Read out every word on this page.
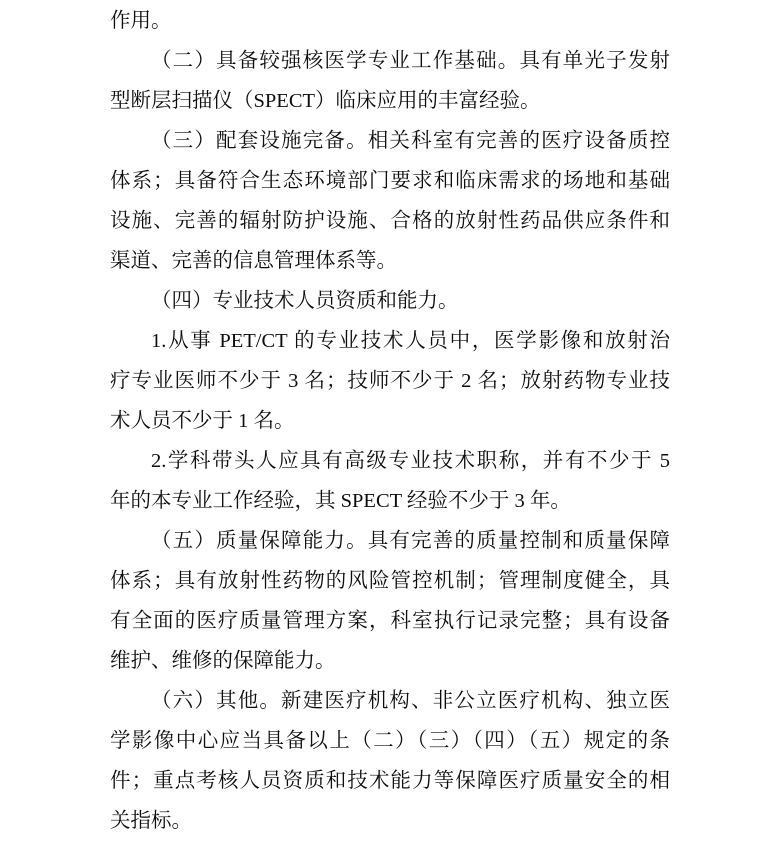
作用。
（二）具备较强核医学专业工作基础。具有单光子发射
型断层扫描仪（SPECT）临床应用的丰富经验。
（三）配套设施完备。相关科室有完善的医疗设备质控
体系；具备符合生态环境部门要求和临床需求的场地和基础
设施、完善的辐射防护设施、合格的放射性药品供应条件和
渠道、完善的信息管理体系等。
（四）专业技术人员资质和能力。
1.从事 PET/CT 的专业技术人员中，医学影像和放射治
疗专业医师不少于 3 名；技师不少于 2 名；放射药物专业技
术人员不少于 1 名。
2.学科带头人应具有高级专业技术职称，并有不少于 5
年的本专业工作经验，其 SPECT 经验不少于 3 年。
（五）质量保障能力。具有完善的质量控制和质量保障
体系；具有放射性药物的风险管控机制；管理制度健全，具
有全面的医疗质量管理方案，科室执行记录完整；具有设备
维护、维修的保障能力。
（六）其他。新建医疗机构、非公立医疗机构、独立医
学影像中心应当具备以上（二）（三）（四）（五）规定的条
件；重点考核人员资质和技术能力等保障医疗质量安全的相
关指标。
